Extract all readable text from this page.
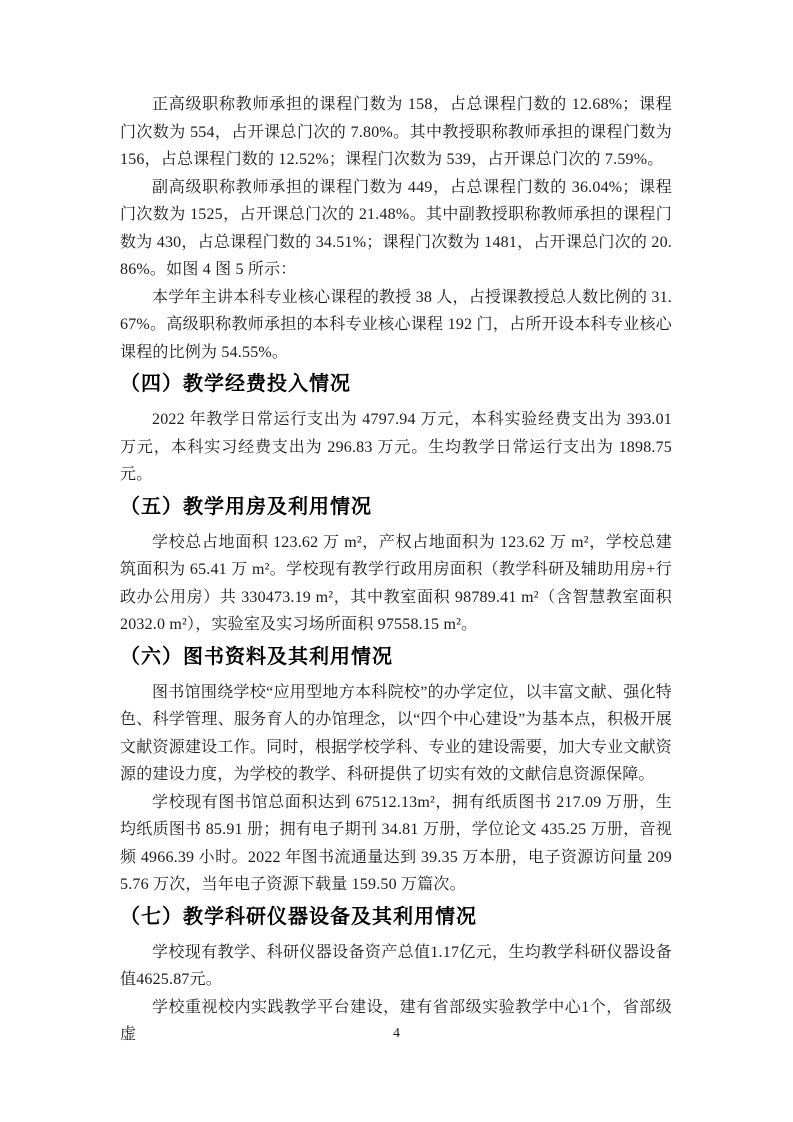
正高级职称教师承担的课程门数为 158，占总课程门数的 12.68%；课程门次数为 554，占开课总门次的 7.80%。其中教授职称教师承担的课程门数为 156，占总课程门数的 12.52%；课程门次数为 539，占开课总门次的 7.59%。

副高级职称教师承担的课程门数为 449，占总课程门数的 36.04%；课程门次数为 1525，占开课总门次的 21.48%。其中副教授职称教师承担的课程门数为 430，占总课程门数的 34.51%；课程门次数为 1481，占开课总门次的 20.86%。如图 4 图 5 所示：

本学年主讲本科专业核心课程的教授 38 人，占授课教授总人数比例的 31.67%。高级职称教师承担的本科专业核心课程 192 门，占所开设本科专业核心课程的比例为 54.55%。

（四）教学经费投入情况

2022 年教学日常运行支出为 4797.94 万元，本科实验经费支出为 393.01 万元，本科实习经费支出为 296.83 万元。生均教学日常运行支出为 1898.75 元。

（五）教学用房及利用情况

学校总占地面积 123.62 万 m²，产权占地面积为 123.62 万 m²，学校总建筑面积为 65.41 万 m²。学校现有教学行政用房面积（教学科研及辅助用房+行政办公用房）共 330473.19 m²，其中教室面积 98789.41 m²（含智慧教室面积 2032.0 m²），实验室及实习场所面积 97558.15 m²。

（六）图书资料及其利用情况

图书馆围绕学校“应用型地方本科院校”的办学定位，以丰富文献、强化特色、科学管理、服务育人的办馆理念，以“四个中心建设”为基本点，积极开展文献资源建设工作。同时，根据学校学科、专业的建设需要，加大专业文献资源的建设力度，为学校的教学、科研提供了切实有效的文献信息资源保障。

学校现有图书馆总面积达到 67512.13m²，拥有纸质图书 217.09 万册，生均纸质图书 85.91 册；拥有电子期刊 34.81 万册，学位论文 435.25 万册，音视频 4966.39 小时。2022 年图书流通量达到 39.35 万本册，电子资源访问量 2095.76 万次，当年电子资源下载量 159.50 万篇次。

（七）教学科研仪器设备及其利用情况

学校现有教学、科研仪器设备资产总值1.17亿元，生均教学科研仪器设备值4625.87元。

学校重视校内实践教学平台建设，建有省部级实验教学中心1个，省部级虚	4
